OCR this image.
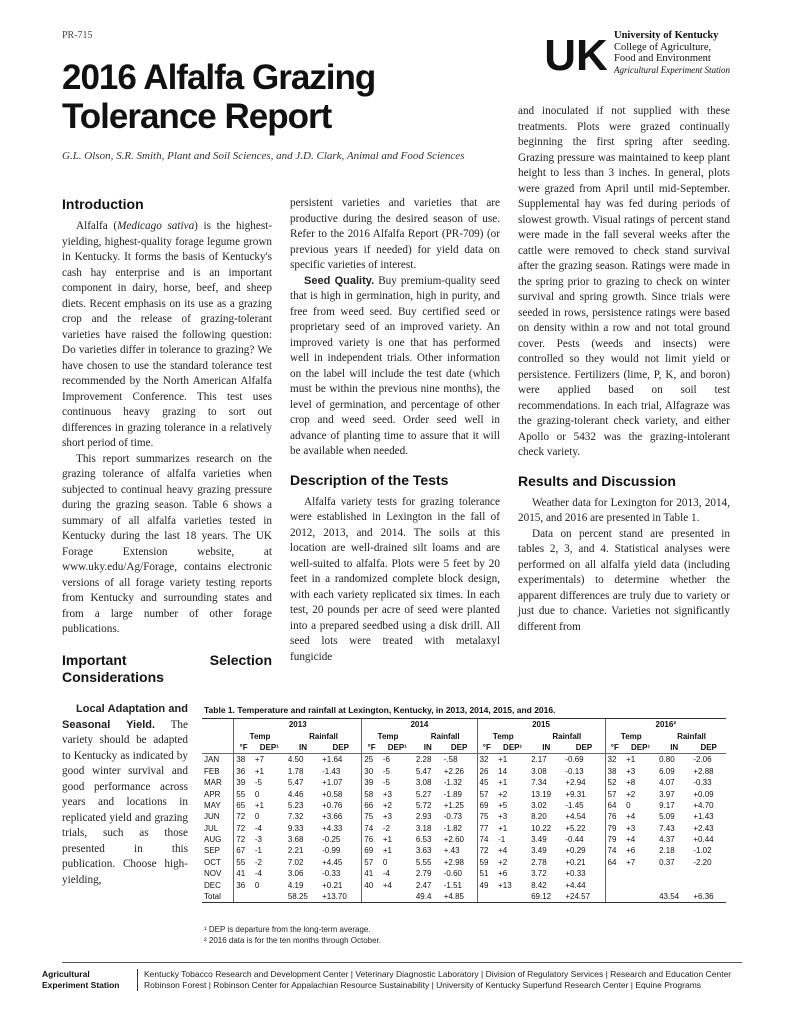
PR-715	UK University of Kentucky
College of Agriculture,
Food and Environment
Agricultural Experiment Station
2016 Alfalfa Grazing
Tolerance Report
G.L. Olson, S.R. Smith, Plant and Soil Sciences, and J.D. Clark, Animal and Food Sciences
Introduction

Alfalfa (Medicago sativa) is the highest-yielding, highest-quality forage legume grown in Kentucky. It forms the basis of Kentucky's cash hay enterprise and is an important component in dairy, horse, beef, and sheep diets. Recent emphasis on its use as a grazing crop and the release of grazing-tolerant varieties have raised the following question: Do varieties differ in tolerance to grazing? We have chosen to use the standard tolerance test recommended by the North American Alfalfa Improvement Conference. This test uses continuous heavy grazing to sort out differences in grazing tolerance in a relatively short period of time.

This report summarizes research on the grazing tolerance of alfalfa varieties when subjected to continual heavy grazing pressure during the grazing season. Table 6 shows a summary of all alfalfa varieties tested in Kentucky during the last 18 years. The UK Forage Extension website, at www.uky.edu/Ag/Forage, contains electronic versions of all forage variety testing reports from Kentucky and surrounding states and from a large number of other forage publications.

Important Selection Considerations

Local Adaptation and Seasonal Yield. The variety should be adapted to Kentucky as indicated by good winter survival and good performance across years and locations in replicated yield and grazing trials, such as those presented in this publication. Choose high-yielding,

persistent varieties and varieties that are productive during the desired season of use. Refer to the 2016 Alfalfa Report (PR-709) (or previous years if needed) for yield data on specific varieties of interest.

Seed Quality. Buy premium-quality seed that is high in germination, high in purity, and free from weed seed. Buy certified seed or proprietary seed of an improved variety. An improved variety is one that has performed well in independent trials. Other information on the label will include the test date (which must be within the previous nine months), the level of germination, and percentage of other crop and weed seed. Order seed well in advance of planting time to assure that it will be available when needed.

Description of the Tests

Alfalfa variety tests for grazing tolerance were established in Lexington in the fall of 2012, 2013, and 2014. The soils at this location are well-drained silt loams and are well-suited to alfalfa. Plots were 5 feet by 20 feet in a randomized complete block design, with each variety replicated six times. In each test, 20 pounds per acre of seed were planted into a prepared seedbed using a disk drill. All seed lots were treated with metalaxyl fungicide

and inoculated if not supplied with these treatments. Plots were grazed continually beginning the first spring after seeding. Grazing pressure was maintained to keep plant height to less than 3 inches. In general, plots were grazed from April until mid-September. Supplemental hay was fed during periods of slowest growth. Visual ratings of percent stand were made in the fall several weeks after the cattle were removed to check stand survival after the grazing season. Ratings were made in the spring prior to grazing to check on winter survival and spring growth. Since trials were seeded in rows, persistence ratings were based on density within a row and not total ground cover. Pests (weeds and insects) were controlled so they would not limit yield or persistence. Fertilizers (lime, P, K, and boron) were applied based on soil test recommendations. In each trial, Alfagraze was the grazing-tolerant check variety, and either Apollo or 5432 was the grazing-intolerant check variety.

Results and Discussion

Weather data for Lexington for 2013, 2014, 2015, and 2016 are presented in Table 1.

Data on percent stand are presented in tables 2, 3, and 4. Statistical analyses were performed on all alfalfa yield data (including experimentals) to determine whether the apparent differences are truly due to variety or just due to chance. Varieties not significantly different from

Table 1. Temperature and rainfall at Lexington, Kentucky, in 2013, 2014, 2015, and 2016.
	2013				2014				2015				2016²			
	Temp		Rainfall		Temp		Rainfall		Temp		Rainfall		Temp		Rainfall	
	°F	DEP¹	IN	DEP	°F	DEP¹	IN	DEP	°F	DEP¹	IN	DEP	°F	DEP¹	IN	DEP
JAN	38	+7	4.50	+1.64	25	-6	2.28	-.58	32	+1	2.17	-0.69	32	+1	0.80	-2.06
FEB	36	+1	1.78	-1.43	30	-5	5.47	+2.26	26	14	3.08	-0.13	38	+3	6.09	+2.88
MAR	39	-5	5.47	+1.07	39	-5	3.08	-1.32	45	+1	7.34	+2.94	52	+8	4.07	-0.33
APR	55	0	4.46	+0.58	58	+3	5.27	-1.89	57	+2	13.19	+9.31	57	+2	3.97	+0.09
MAY	65	+1	5.23	+0.76	66	+2	5.72	+1.25	69	+5	3.02	-1.45	64	0	9.17	+4.70
JUN	72	0	7.32	+3.66	75	+3	2.93	-0.73	75	+3	8.20	+4.54	76	+4	5.09	+1.43
JUL	72	-4	9.33	+4.33	74	-2	3.18	-1.82	77	+1	10.22	+5.22	79	+3	7.43	+2.43
AUG	72	-3	3.68	-0.25	76	+1	6.53	+2.60	74	-1	3.49	-0.44	79	+4	4.37	+0.44
SEP	67	-1	2.21	-0.99	69	+1	3.63	+.43	72	+4	3.49	+0.29	74	+6	2.18	-1.02
OCT	55	-2	7.02	+4.45	57	0	5.55	+2.98	59	+2	2.78	+0.21	64	+7	0.37	-2.20
NOV	41	-4	3.06	-0.33	41	-4	2.79	-0.60	51	+6	3.72	+0.33				
DEC	36	0	4.19	+0.21	40	+4	2.47	-1.51	49	+13	8.42	+4.44				
Total			58.25	+13.70			49.4	+4.85			69.12	+24.57			43.54	+6.36
¹ DEP is departure from the long-term average.
² 2016 data is for the ten months through October.
Agricultural
Experiment Station
Kentucky Tobacco Research and Development Center | Veterinary Diagnostic Laboratory | Division of Regulatory Services | Research and Education Center
Robinson Forest | Robinson Center for Appalachian Resource Sustainability | University of Kentucky Superfund Research Center | Equine Programs
